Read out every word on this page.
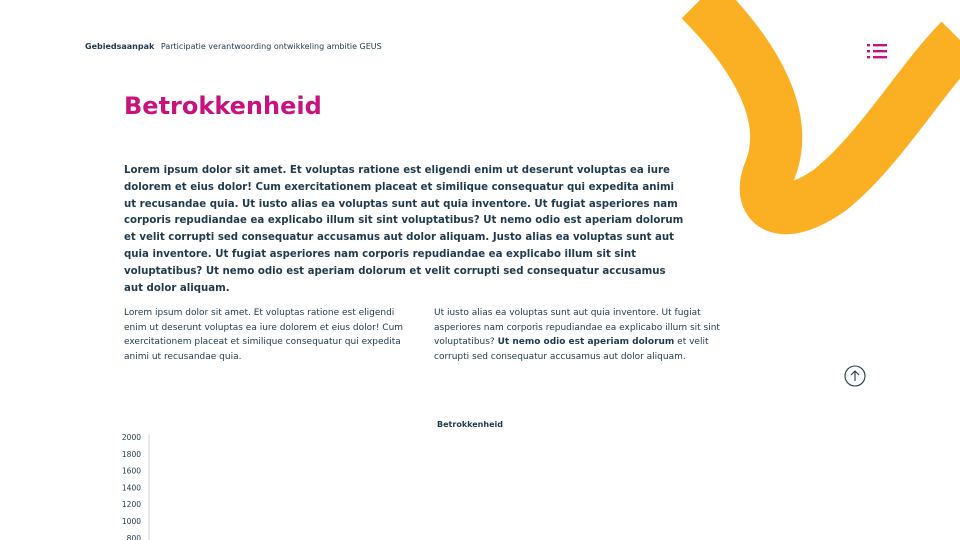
Gebiedsaanpak Participatie verantwoording ontwikkeling ambitie GEUS
Betrokkenheid

Lorem ipsum dolor sit amet. Et voluptas ratione est eligendi enim ut deserunt voluptas ea iure dolorem et eius dolor! Cum exercitationem placeat et similique consequatur qui expedita animi ut recusandae quia. Ut iusto alias ea voluptas sunt aut quia inventore. Ut fugiat asperiores nam corporis repudiandae ea explicabo illum sit sint voluptatibus? Ut nemo odio est aperiam dolorum et velit corrupti sed consequatur accusamus aut dolor aliquam. Justo alias ea voluptas sunt aut quia inventore. Ut fugiat asperiores nam corporis repudiandae ea explicabo illum sit sint voluptatibus? Ut nemo odio est aperiam dolorum et velit corrupti sed consequatur accusamus aut dolor aliquam.

Lorem ipsum dolor sit amet. Et voluptas ratione est eligendi enim ut deserunt voluptas ea iure dolorem et eius dolor! Cum exercitationem placeat et similique consequatur qui expedita animi ut recusandae quia.

Ut iusto alias ea voluptas sunt aut quia inventore. Ut fugiat asperiores nam corporis repudiandae ea explicabo illum sit sint voluptatibus? Ut nemo odio est aperiam dolorum et velit corrupti sed consequatur accusamus aut dolor aliquam.

Betrokkenheid
2000
1800
1600
1400
1200
1000
800
